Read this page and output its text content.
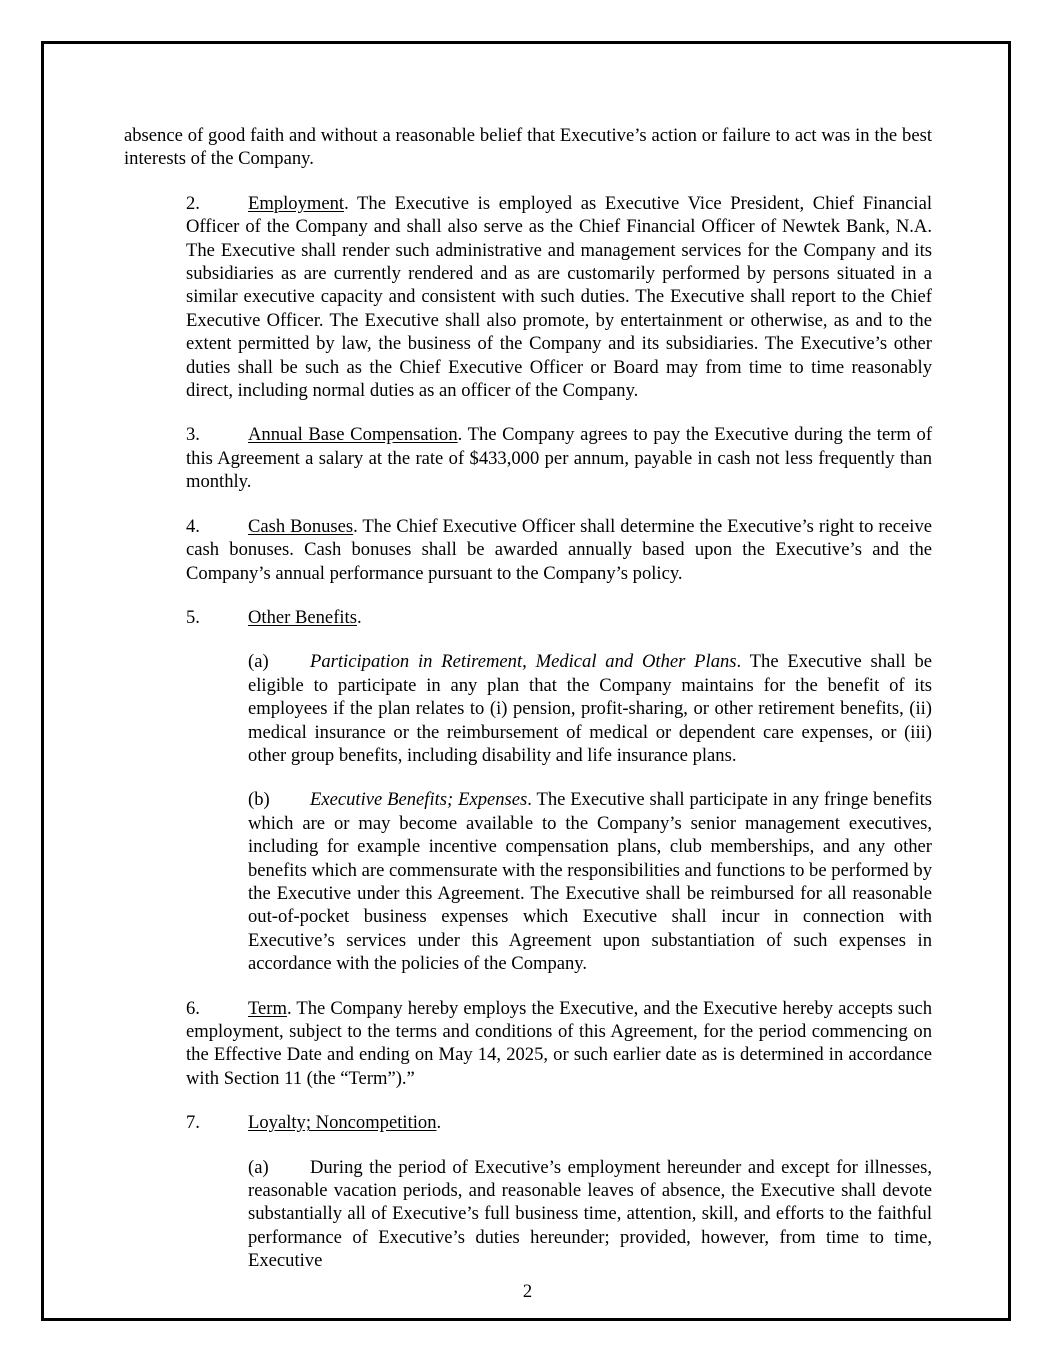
absence of good faith and without a reasonable belief that Executive’s action or failure to act was in the best interests of the Company.

2.	Employment. The Executive is employed as Executive Vice President, Chief Financial Officer of the Company and shall also serve as the Chief Financial Officer of Newtek Bank, N.A. The Executive shall render such administrative and management services for the Company and its subsidiaries as are currently rendered and as are customarily performed by persons situated in a similar executive capacity and consistent with such duties. The Executive shall report to the Chief Executive Officer. The Executive shall also promote, by entertainment or otherwise, as and to the extent permitted by law, the business of the Company and its subsidiaries. The Executive’s other duties shall be such as the Chief Executive Officer or Board may from time to time reasonably direct, including normal duties as an officer of the Company.

3.	Annual Base Compensation. The Company agrees to pay the Executive during the term of this Agreement a salary at the rate of $433,000 per annum, payable in cash not less frequently than monthly.

4.	Cash Bonuses. The Chief Executive Officer shall determine the Executive’s right to receive cash bonuses. Cash bonuses shall be awarded annually based upon the Executive’s and the Company’s annual performance pursuant to the Company’s policy.

5.	Other Benefits.

(a) Participation in Retirement, Medical and Other Plans. The Executive shall be eligible to participate in any plan that the Company maintains for the benefit of its employees if the plan relates to (i) pension, profit-sharing, or other retirement benefits, (ii) medical insurance or the reimbursement of medical or dependent care expenses, or (iii) other group benefits, including disability and life insurance plans.

(b) Executive Benefits; Expenses. The Executive shall participate in any fringe benefits which are or may become available to the Company’s senior management executives, including for example incentive compensation plans, club memberships, and any other benefits which are commensurate with the responsibilities and functions to be performed by the Executive under this Agreement. The Executive shall be reimbursed for all reasonable out-of-pocket business expenses which Executive shall incur in connection with Executive’s services under this Agreement upon substantiation of such expenses in accordance with the policies of the Company.

6.	Term. The Company hereby employs the Executive, and the Executive hereby accepts such employment, subject to the terms and conditions of this Agreement, for the period commencing on the Effective Date and ending on May 14, 2025, or such earlier date as is determined in accordance with Section 11 (the “Term”).”

7.	Loyalty; Noncompetition.

(a) During the period of Executive’s employment hereunder and except for illnesses, reasonable vacation periods, and reasonable leaves of absence, the Executive shall devote substantially all of Executive’s full business time, attention, skill, and efforts to the faithful performance of Executive’s duties hereunder; provided, however, from time to time, Executive

2
